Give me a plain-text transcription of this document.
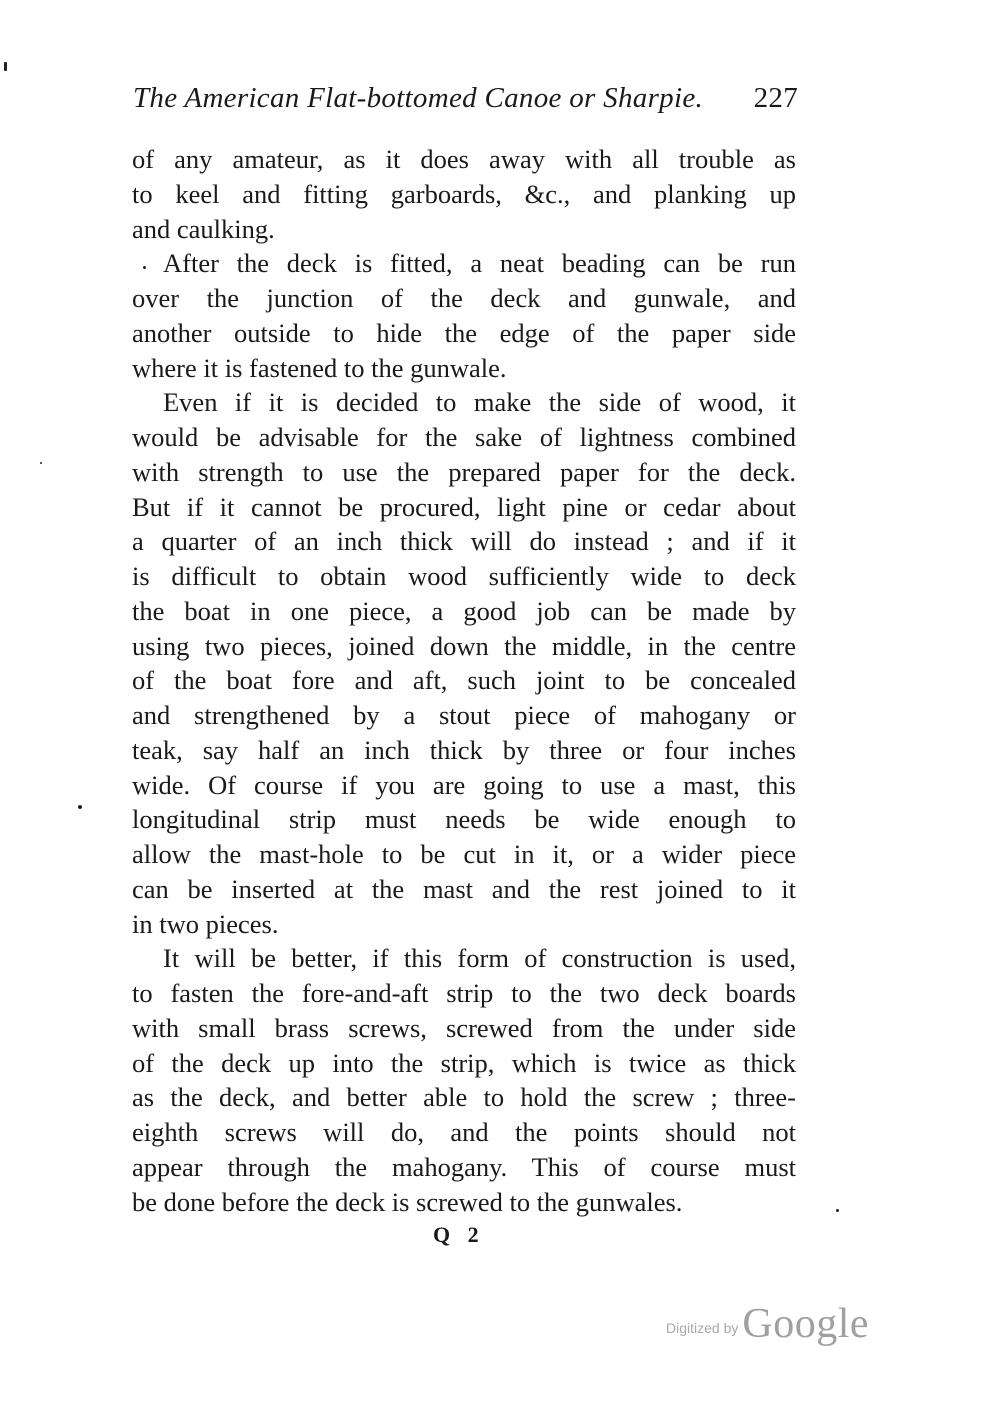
The American Flat-bottomed Canoe or Sharpie. 227
of any amateur, as it does away with all trouble as
to keel and fitting garboards, &c., and planking up
and caulking.
After the deck is fitted, a neat beading can be run
over the junction of the deck and gunwale, and
another outside to hide the edge of the paper side
where it is fastened to the gunwale.
Even if it is decided to make the side of wood, it
would be advisable for the sake of lightness combined
with strength to use the prepared paper for the deck.
But if it cannot be procured, light pine or cedar about
a quarter of an inch thick will do instead ; and if it
is difficult to obtain wood sufficiently wide to deck
the boat in one piece, a good job can be made by
using two pieces, joined down the middle, in the centre
of the boat fore and aft, such joint to be concealed
and strengthened by a stout piece of mahogany or
teak, say half an inch thick by three or four inches
wide. Of course if you are going to use a mast, this
longitudinal strip must needs be wide enough to
allow the mast-hole to be cut in it, or a wider piece
can be inserted at the mast and the rest joined to it
in two pieces.
It will be better, if this form of construction is used,
to fasten the fore-and-aft strip to the two deck boards
with small brass screws, screwed from the under side
of the deck up into the strip, which is twice as thick
as the deck, and better able to hold the screw ; three-
eighth screws will do, and the points should not
appear through the mahogany. This of course must
be done before the deck is screwed to the gunwales.
Q 2
Digitized by Google
